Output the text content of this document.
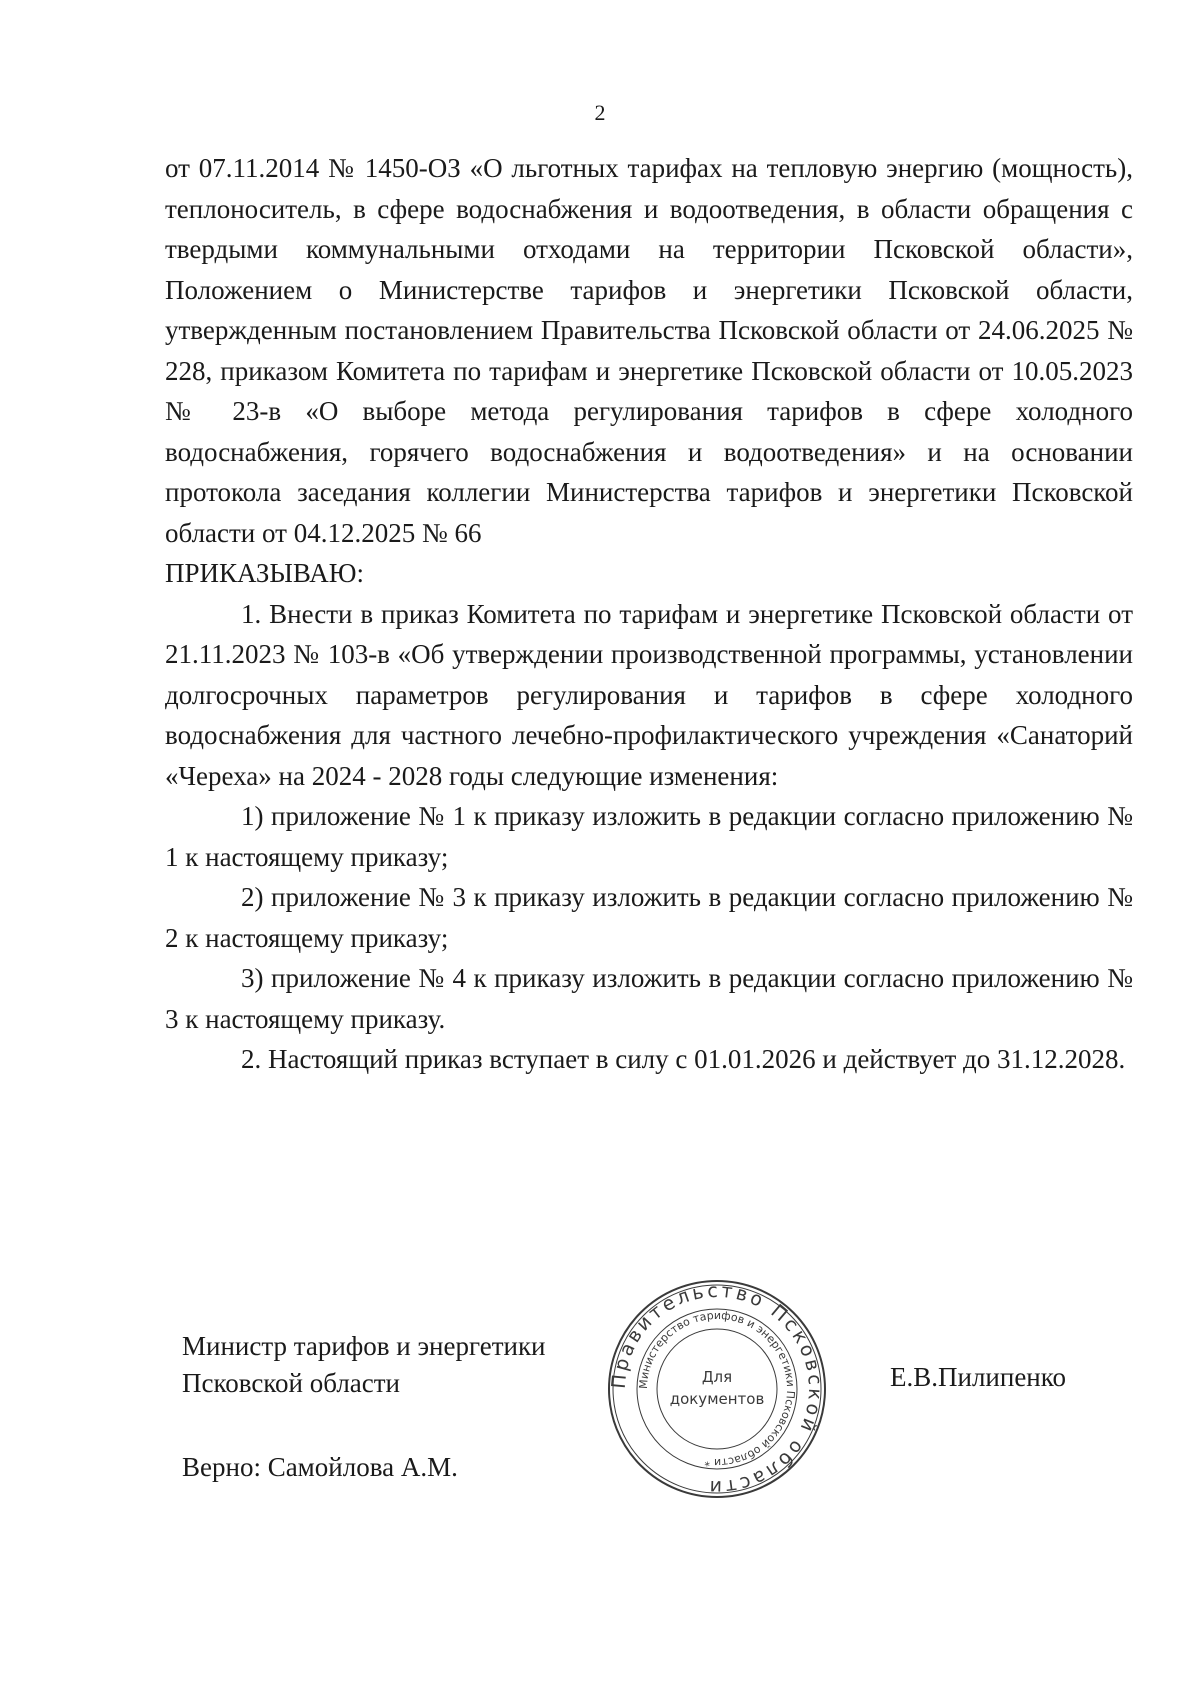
2

от 07.11.2014 № 1450-ОЗ «О льготных тарифах на тепловую энергию (мощность), теплоноситель, в сфере водоснабжения и водоотведения, в области обращения с твердыми коммунальными отходами на территории Псковской области», Положением о Министерстве тарифов и энергетики Псковской области, утвержденным постановлением Правительства Псковской области от 24.06.2025 № 228, приказом Комитета по тарифам и энергетике Псковской области от 10.05.2023 № 23-в «О выборе метода регулирования тарифов в сфере холодного водоснабжения, горячего водоснабжения и водоотведения» и на основании протокола заседания коллегии Министерства тарифов и энергетики Псковской области от 04.12.2025 № 66

ПРИКАЗЫВАЮ:

1. Внести в приказ Комитета по тарифам и энергетике Псковской области от 21.11.2023 № 103-в «Об утверждении производственной программы, установлении долгосрочных параметров регулирования и тарифов в сфере холодного водоснабжения для частного лечебно-профилактического учреждения «Санаторий «Череха» на 2024 - 2028 годы следующие изменения:

1) приложение № 1 к приказу изложить в редакции согласно приложению № 1 к настоящему приказу;

2) приложение № 3 к приказу изложить в редакции согласно приложению № 2 к настоящему приказу;

3) приложение № 4 к приказу изложить в редакции согласно приложению № 3 к настоящему приказу.

2. Настоящий приказ вступает в силу с 01.01.2026 и действует до 31.12.2028.

Министр тарифов и энергетики
Псковской области	Правительство Псковской области
Министерство тарифов и энергетики Псковской области *
Для
документов
Е.В.Пилипенко
Верно: Самойлова А.М.
